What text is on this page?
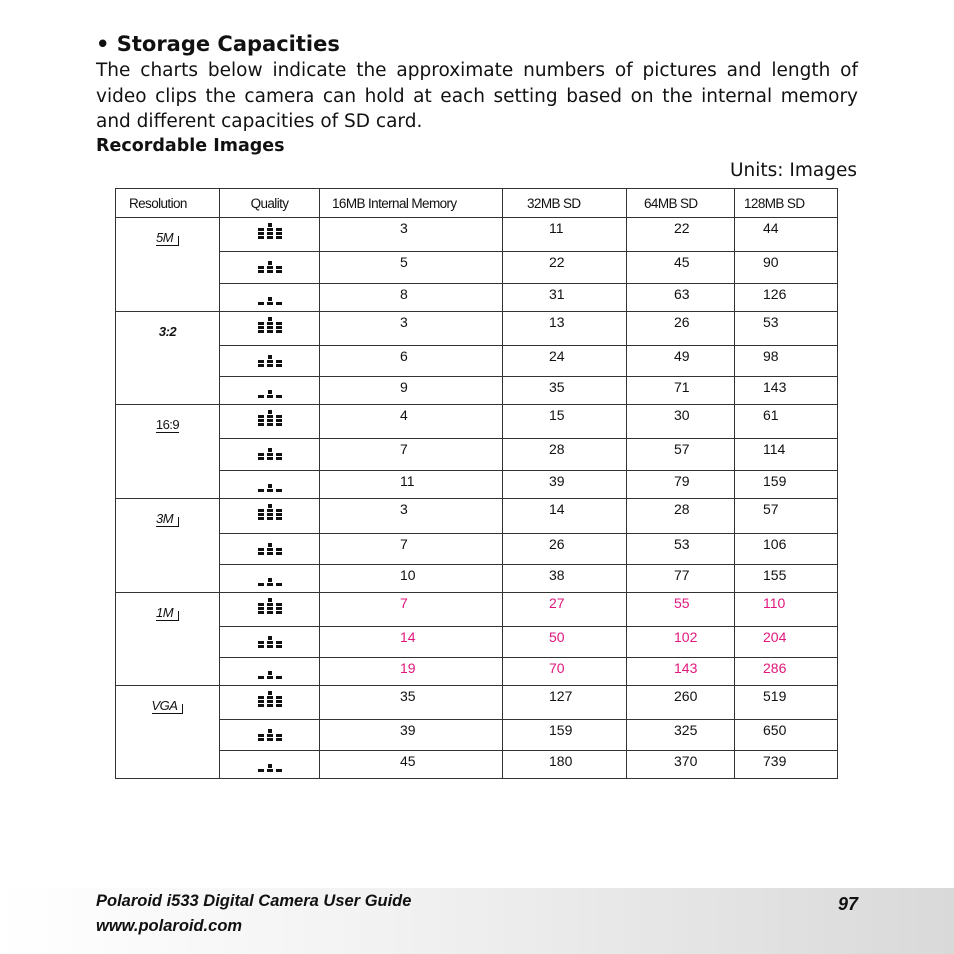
• Storage Capacities
The charts below indicate the approximate numbers of pictures and length of video clips the camera can hold at each setting based on the internal memory and different capacities of SD card.
Recordable Images
Units: Images
Resolution	Quality	16MB Internal Memory	32MB SD	64MB SD	128MB SD
5M		3	11	22	44

		5	22	45	90

		8	31	63	126
3:2		3	13	26	53

		6	24	49	98

		9	35	71	143
16:9		4	15	30	61

		7	28	57	114

		11	39	79	159
3M		3	14	28	57

		7	26	53	106

		10	38	77	155
1M		7	27	55	110

		14	50	102	204

		19	70	143	286
VGA		35	127	260	519

		39	159	325	650

		45	180	370	739
Polaroid i533 Digital Camera User Guide
www.polaroid.com
97
